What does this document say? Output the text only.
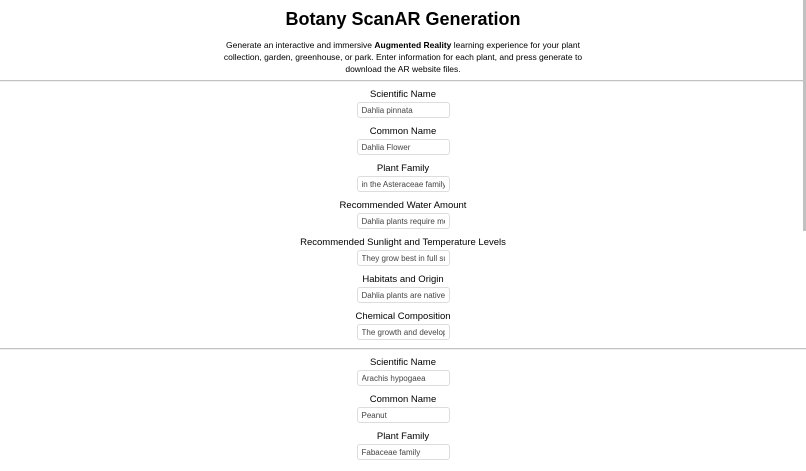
Botany ScanAR Generation

Generate an interactive and immersive Augmented Reality learning experience for your plant collection, garden, greenhouse, or park. Enter information for each plant, and press generate to download the AR website files.

Scientific Name
Dahlia pinnata
Common Name
Dahlia Flower
Plant Family
in the Asteraceae family
Recommended Water Amount
Dahlia plants require mo
Recommended Sunlight and Temperature Levels
They grow best in full su
Habitats and Origin
Dahlia plants are native
Chemical Composition
The growth and develop
Scientific Name
Arachis hypogaea
Common Name
Peanut
Plant Family
Fabaceae family
